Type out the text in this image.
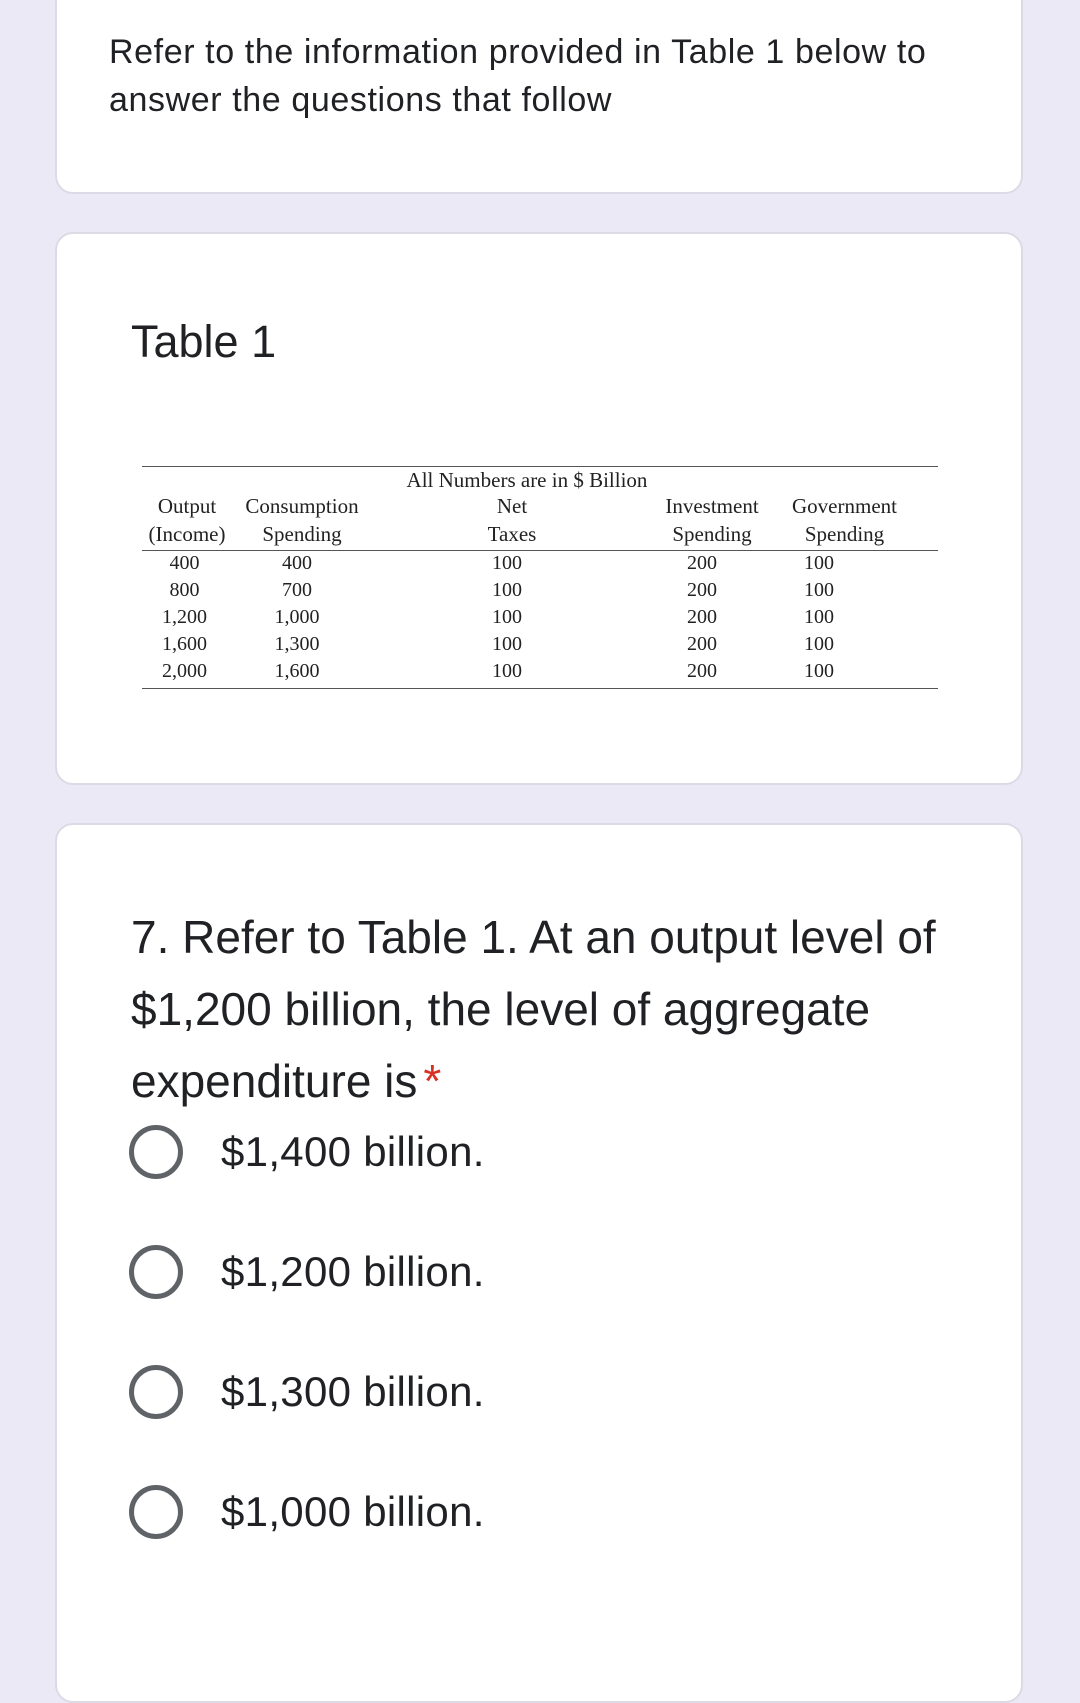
Refer to the information provided in Table 1 below to answer the questions that follow
Table 1
All Numbers are in $ Billion
Output	Consumption	Net	Investment	Government
(Income)	Spending	Taxes	Spending	Spending
400	400	100	200	100
800	700	100	200	100
1,200	1,000	100	200	100
1,600	1,300	100	200	100
2,000	1,600	100	200	100
7. Refer to Table 1. At an output level of $1,200 billion, the level of aggregate expenditure is *
$1,400 billion.
$1,200 billion.
$1,300 billion.
$1,000 billion.
